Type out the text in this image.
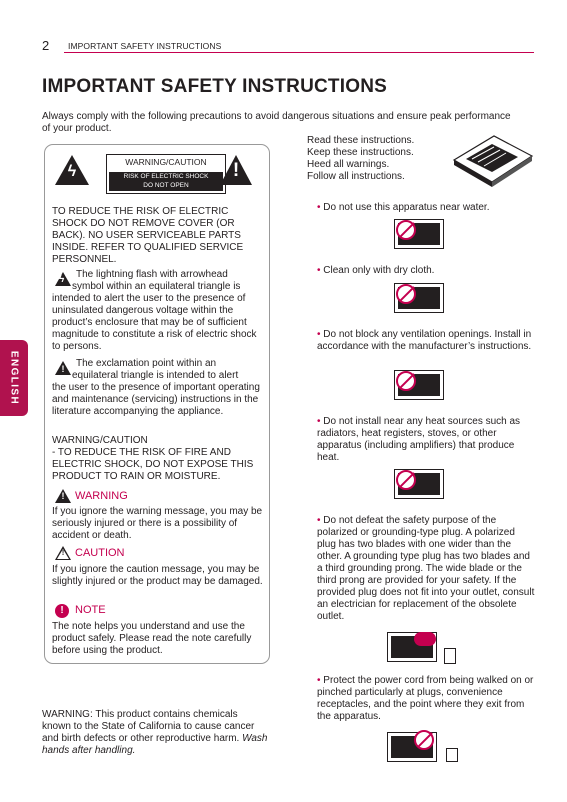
2 IMPORTANT SAFETY INSTRUCTIONS
IMPORTANT SAFETY INSTRUCTIONS
Always comply with the following precautions to avoid dangerous situations and ensure peak performance of your product.
ENGLISH
ϟ
WARNING/CAUTION
RISK OF ELECTRIC SHOCK
DO NOT OPEN
!
TO REDUCE THE RISK OF ELECTRIC SHOCK DO NOT REMOVE COVER (OR BACK). NO USER SERVICEABLE PARTS INSIDE. REFER TO QUALIFIED SERVICE PERSONNEL.
ϟ The lightning flash with arrowhead
symbol within an equilateral triangle is
intended to alert the user to the presence of uninsulated dangerous voltage within the product’s enclosure that may be of sufficient magnitude to constitute a risk of electric shock to persons.
! The exclamation point within an
equilateral triangle is intended to alert
the user to the presence of important operating and maintenance (servicing) instructions in the literature accompanying the appliance.
WARNING/CAUTION
- TO REDUCE THE RISK OF FIRE AND ELECTRIC SHOCK, DO NOT EXPOSE THIS PRODUCT TO RAIN OR MOISTURE.
! WARNING
If you ignore the warning message, you may be seriously injured or there is a possibility of accident or death.
! CAUTION
If you ignore the caution message, you may be slightly injured or the product may be damaged.
!	NOTE
The note helps you understand and use the product safely. Please read the note carefully before using the product.
WARNING: This product contains chemicals known to the State of California to cause cancer and birth defects or other reproductive harm. Wash hands after handling.
Read these instructions.
Keep these instructions.
Heed all warnings.
Follow all instructions.
• Do not use this apparatus near water.
• Clean only with dry cloth.
• Do not block any ventilation openings. Install in accordance with the manufacturer’s instructions.
• Do not install near any heat sources such as radiators, heat registers, stoves, or other apparatus (including amplifiers) that produce heat.
• Do not defeat the safety purpose of the polarized or grounding-type plug. A polarized plug has two blades with one wider than the other. A grounding type plug has two blades and a third grounding prong. The wide blade or the third prong are provided for your safety. If the provided plug does not fit into your outlet, consult an electrician for replacement of the obsolete outlet.
• Protect the power cord from being walked on or pinched particularly at plugs, convenience receptacles, and the point where they exit from the apparatus.
